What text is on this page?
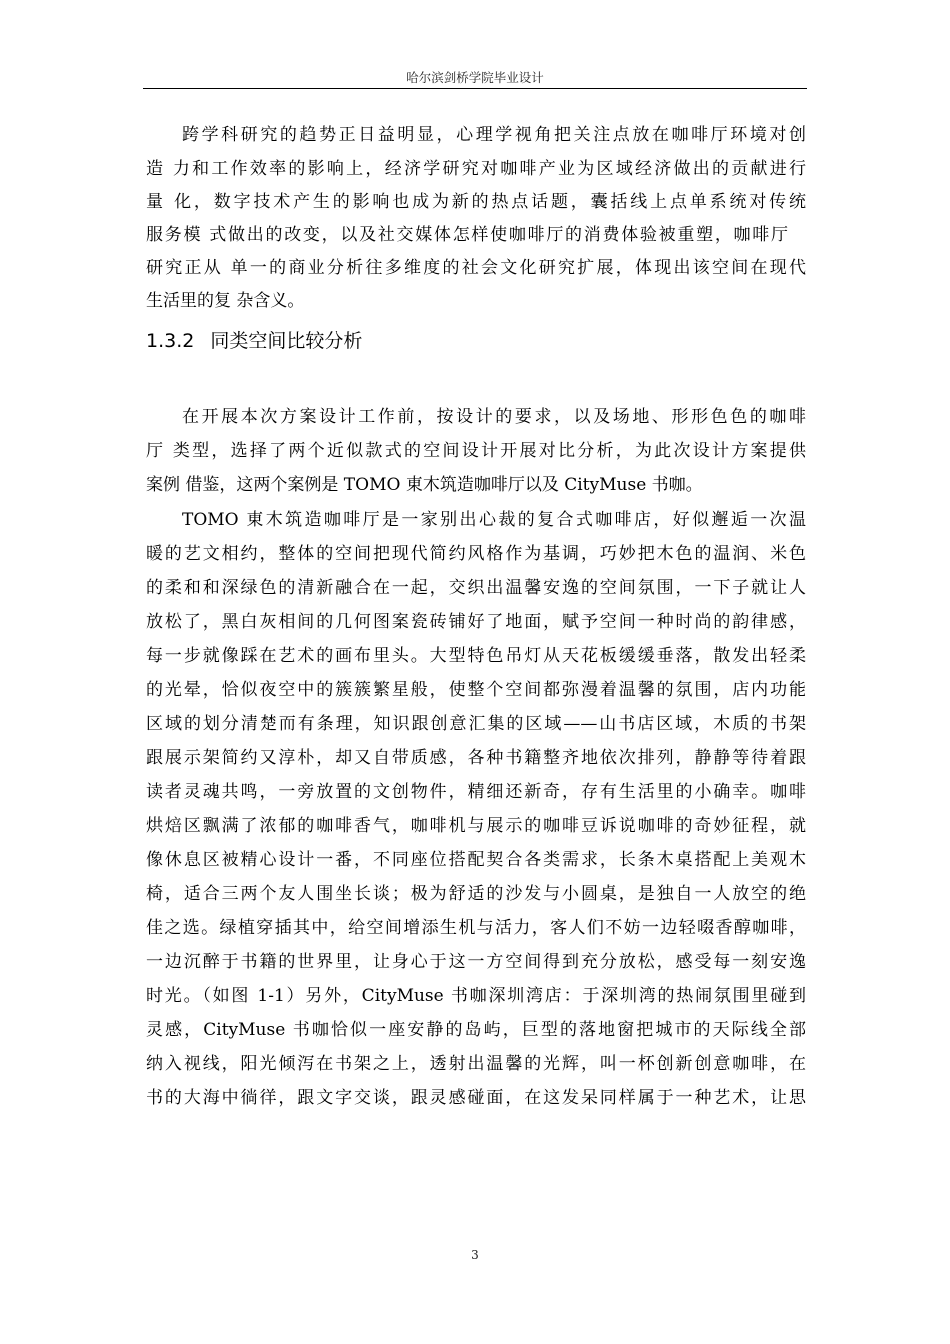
哈尔滨剑桥学院毕业设计
跨学科研究的趋势正日益明显，心理学视角把关注点放在咖啡厅环境对创
造 力和工作效率的影响上，经济学研究对咖啡产业为区域经济做出的贡献进行
量 化，数字技术产生的影响也成为新的热点话题，囊括线上点单系统对传统
服务模 式做出的改变，以及社交媒体怎样使咖啡厅的消费体验被重塑，咖啡厅
研究正从 单一的商业分析往多维度的社会文化研究扩展，体现出该空间在现代
生活里的复 杂含义。
1.3.2 同类空间比较分析
在开展本次方案设计工作前，按设计的要求，以及场地、形形色色的咖啡
厅 类型，选择了两个近似款式的空间设计开展对比分析，为此次设计方案提供
案例 借鉴，这两个案例是 TOMO 東木筑造咖啡厅以及 CityMuse 书咖。
TOMO 東木筑造咖啡厅是一家别出心裁的复合式咖啡店，好似邂逅一次温
暖的艺文相约，整体的空间把现代简约风格作为基调，巧妙把木色的温润、米色
的柔和和深绿色的清新融合在一起，交织出温馨安逸的空间氛围，一下子就让人
放松了，黑白灰相间的几何图案瓷砖铺好了地面，赋予空间一种时尚的韵律感，
每一步就像踩在艺术的画布里头。大型特色吊灯从天花板缓缓垂落，散发出轻柔
的光晕，恰似夜空中的簇簇繁星般，使整个空间都弥漫着温馨的氛围，店内功能
区域的划分清楚而有条理，知识跟创意汇集的区域——山书店区域，木质的书架
跟展示架简约又淳朴，却又自带质感，各种书籍整齐地依次排列，静静等待着跟
读者灵魂共鸣，一旁放置的文创物件，精细还新奇，存有生活里的小确幸。咖啡
烘焙区飘满了浓郁的咖啡香气，咖啡机与展示的咖啡豆诉说咖啡的奇妙征程，就
像休息区被精心设计一番，不同座位搭配契合各类需求，长条木桌搭配上美观木
椅，适合三两个友人围坐长谈；极为舒适的沙发与小圆桌，是独自一人放空的绝
佳之选。绿植穿插其中，给空间增添生机与活力，客人们不妨一边轻啜香醇咖啡，
一边沉醉于书籍的世界里，让身心于这一方空间得到充分放松，感受每一刻安逸
时光。（如图 1-1）另外，CityMuse 书咖深圳湾店：于深圳湾的热闹氛围里碰到
灵感，CityMuse 书咖恰似一座安静的岛屿，巨型的落地窗把城市的天际线全部
纳入视线，阳光倾泻在书架之上，透射出温馨的光辉，叫一杯创新创意咖啡，在
书的大海中徜徉，跟文字交谈，跟灵感碰面，在这发呆同样属于一种艺术，让思
3
